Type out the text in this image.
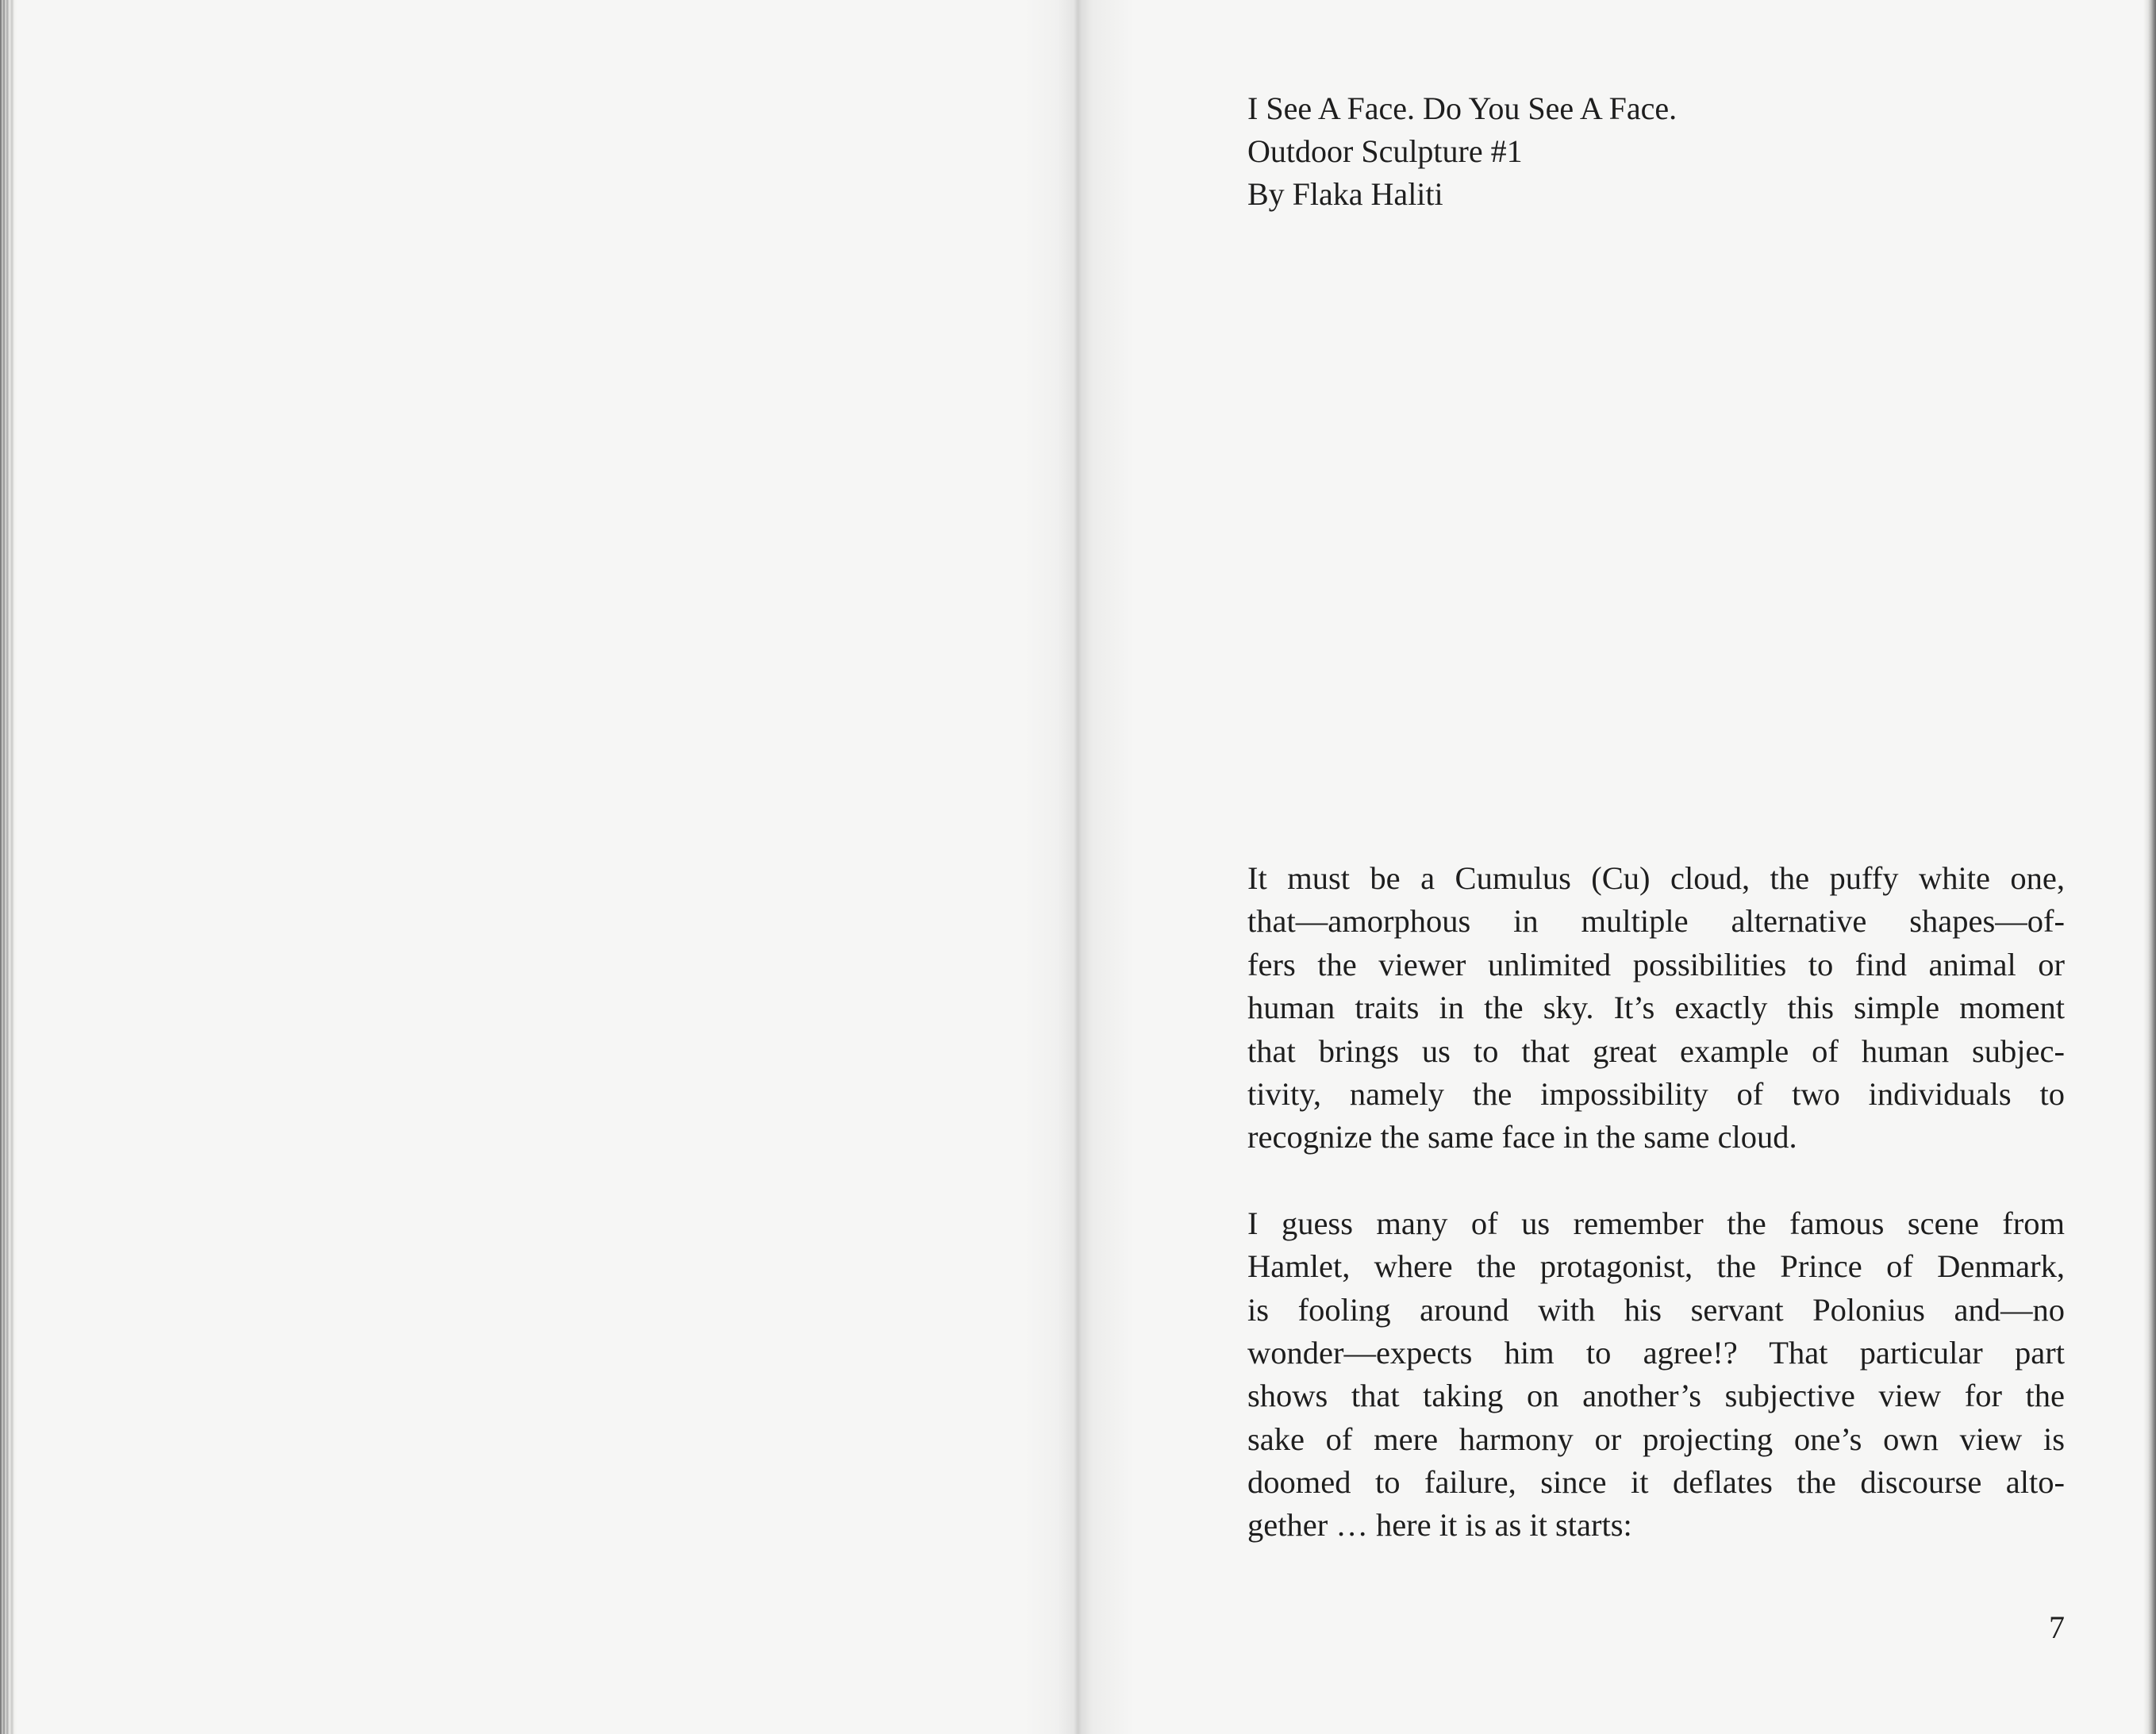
I See A Face. Do You See A Face.
Outdoor Sculpture #1
By Flaka Haliti
It must be a Cumulus (Cu) cloud, the puffy white one,
that—amorphous in multiple alternative shapes—of-
fers the viewer unlimited possibilities to find animal or
human traits in the sky. It’s exactly this simple moment
that brings us to that great example of human subjec-
tivity, namely the impossibility of two individuals to
recognize the same face in the same cloud.
I guess many of us remember the famous scene from
Hamlet, where the protagonist, the Prince of Denmark,
is fooling around with his servant Polonius and—no
wonder—expects him to agree!? That particular part
shows that taking on another’s subjective view for the
sake of mere harmony or projecting one’s own view is
doomed to failure, since it deflates the discourse alto-
gether … here it is as it starts:
7
